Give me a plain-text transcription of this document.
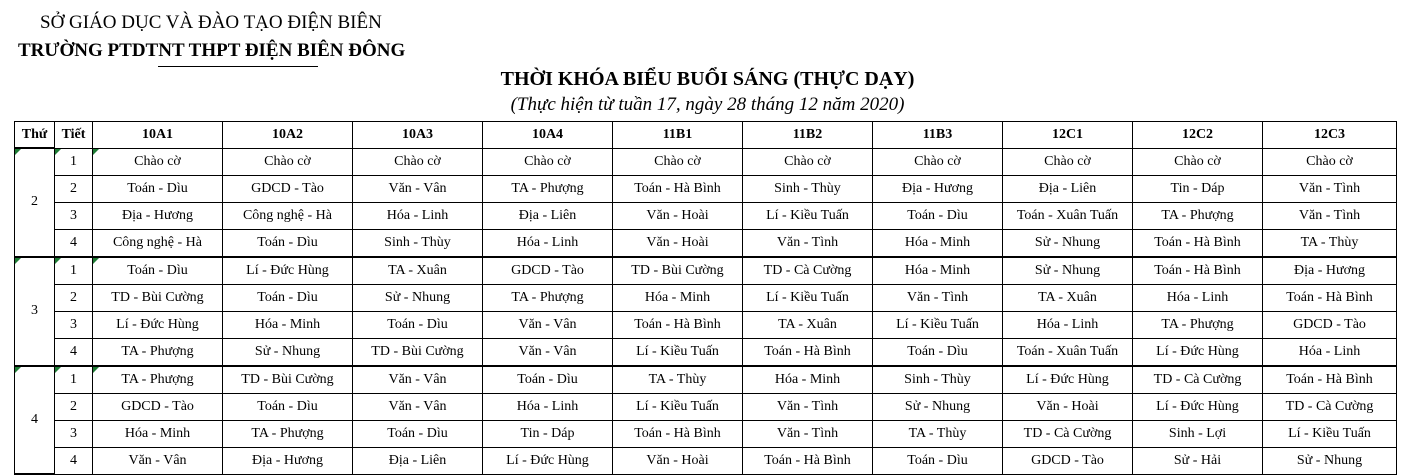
SỞ GIÁO DỤC VÀ ĐÀO TẠO ĐIỆN BIÊN
TRƯỜNG PTDTNT THPT ĐIỆN BIÊN ĐÔNG
THỜI KHÓA BIỂU BUỔI SÁNG (THỰC DẠY)
(Thực hiện từ tuần 17, ngày 28 tháng 12 năm 2020)
Thứ	Tiết	10A1	10A2	10A3	10A4	11B1	11B2	11B3	12C1	12C2	12C3
2	1	Chào cờ	Chào cờ	Chào cờ	Chào cờ	Chào cờ	Chào cờ	Chào cờ	Chào cờ	Chào cờ	Chào cờ
	2	Toán - Dìu	GDCD - Tào	Văn - Vân	TA - Phượng	Toán - Hà Bình	Sinh - Thùy	Địa - Hương	Địa - Liên	Tin - Dáp	Văn - Tình
	3	Địa - Hương	Công nghệ - Hà	Hóa - Linh	Địa - Liên	Văn - Hoài	Lí - Kiều Tuấn	Toán - Dìu	Toán - Xuân Tuấn	TA - Phượng	Văn - Tình
	4	Công nghệ - Hà	Toán - Dìu	Sinh - Thùy	Hóa - Linh	Văn - Hoài	Văn - Tình	Hóa - Minh	Sử - Nhung	Toán - Hà Bình	TA - Thùy
3	1	Toán - Dìu	Lí - Đức Hùng	TA - Xuân	GDCD - Tào	TD - Bùi Cường	TD - Cà Cường	Hóa - Minh	Sử - Nhung	Toán - Hà Bình	Địa - Hương
	2	TD - Bùi Cường	Toán - Dìu	Sử - Nhung	TA - Phượng	Hóa - Minh	Lí - Kiều Tuấn	Văn - Tình	TA - Xuân	Hóa - Linh	Toán - Hà Bình
	3	Lí - Đức Hùng	Hóa - Minh	Toán - Dìu	Văn - Vân	Toán - Hà Bình	TA - Xuân	Lí - Kiều Tuấn	Hóa - Linh	TA - Phượng	GDCD - Tào
	4	TA - Phượng	Sử - Nhung	TD - Bùi Cường	Văn - Vân	Lí - Kiều Tuấn	Toán - Hà Bình	Toán - Dìu	Toán - Xuân Tuấn	Lí - Đức Hùng	Hóa - Linh
4	1	TA - Phượng	TD - Bùi Cường	Văn - Vân	Toán - Dìu	TA - Thùy	Hóa - Minh	Sinh - Thùy	Lí - Đức Hùng	TD - Cà Cường	Toán - Hà Bình
	2	GDCD - Tào	Toán - Dìu	Văn - Vân	Hóa - Linh	Lí - Kiều Tuấn	Văn - Tình	Sử - Nhung	Văn - Hoài	Lí - Đức Hùng	TD - Cà Cường
	3	Hóa - Minh	TA - Phượng	Toán - Dìu	Tin - Dáp	Toán - Hà Bình	Văn - Tình	TA - Thùy	TD - Cà Cường	Sinh - Lợi	Lí - Kiều Tuấn
	4	Văn - Vân	Địa - Hương	Địa - Liên	Lí - Đức Hùng	Văn - Hoài	Toán - Hà Bình	Toán - Dìu	GDCD - Tào	Sử - Hải	Sử - Nhung
